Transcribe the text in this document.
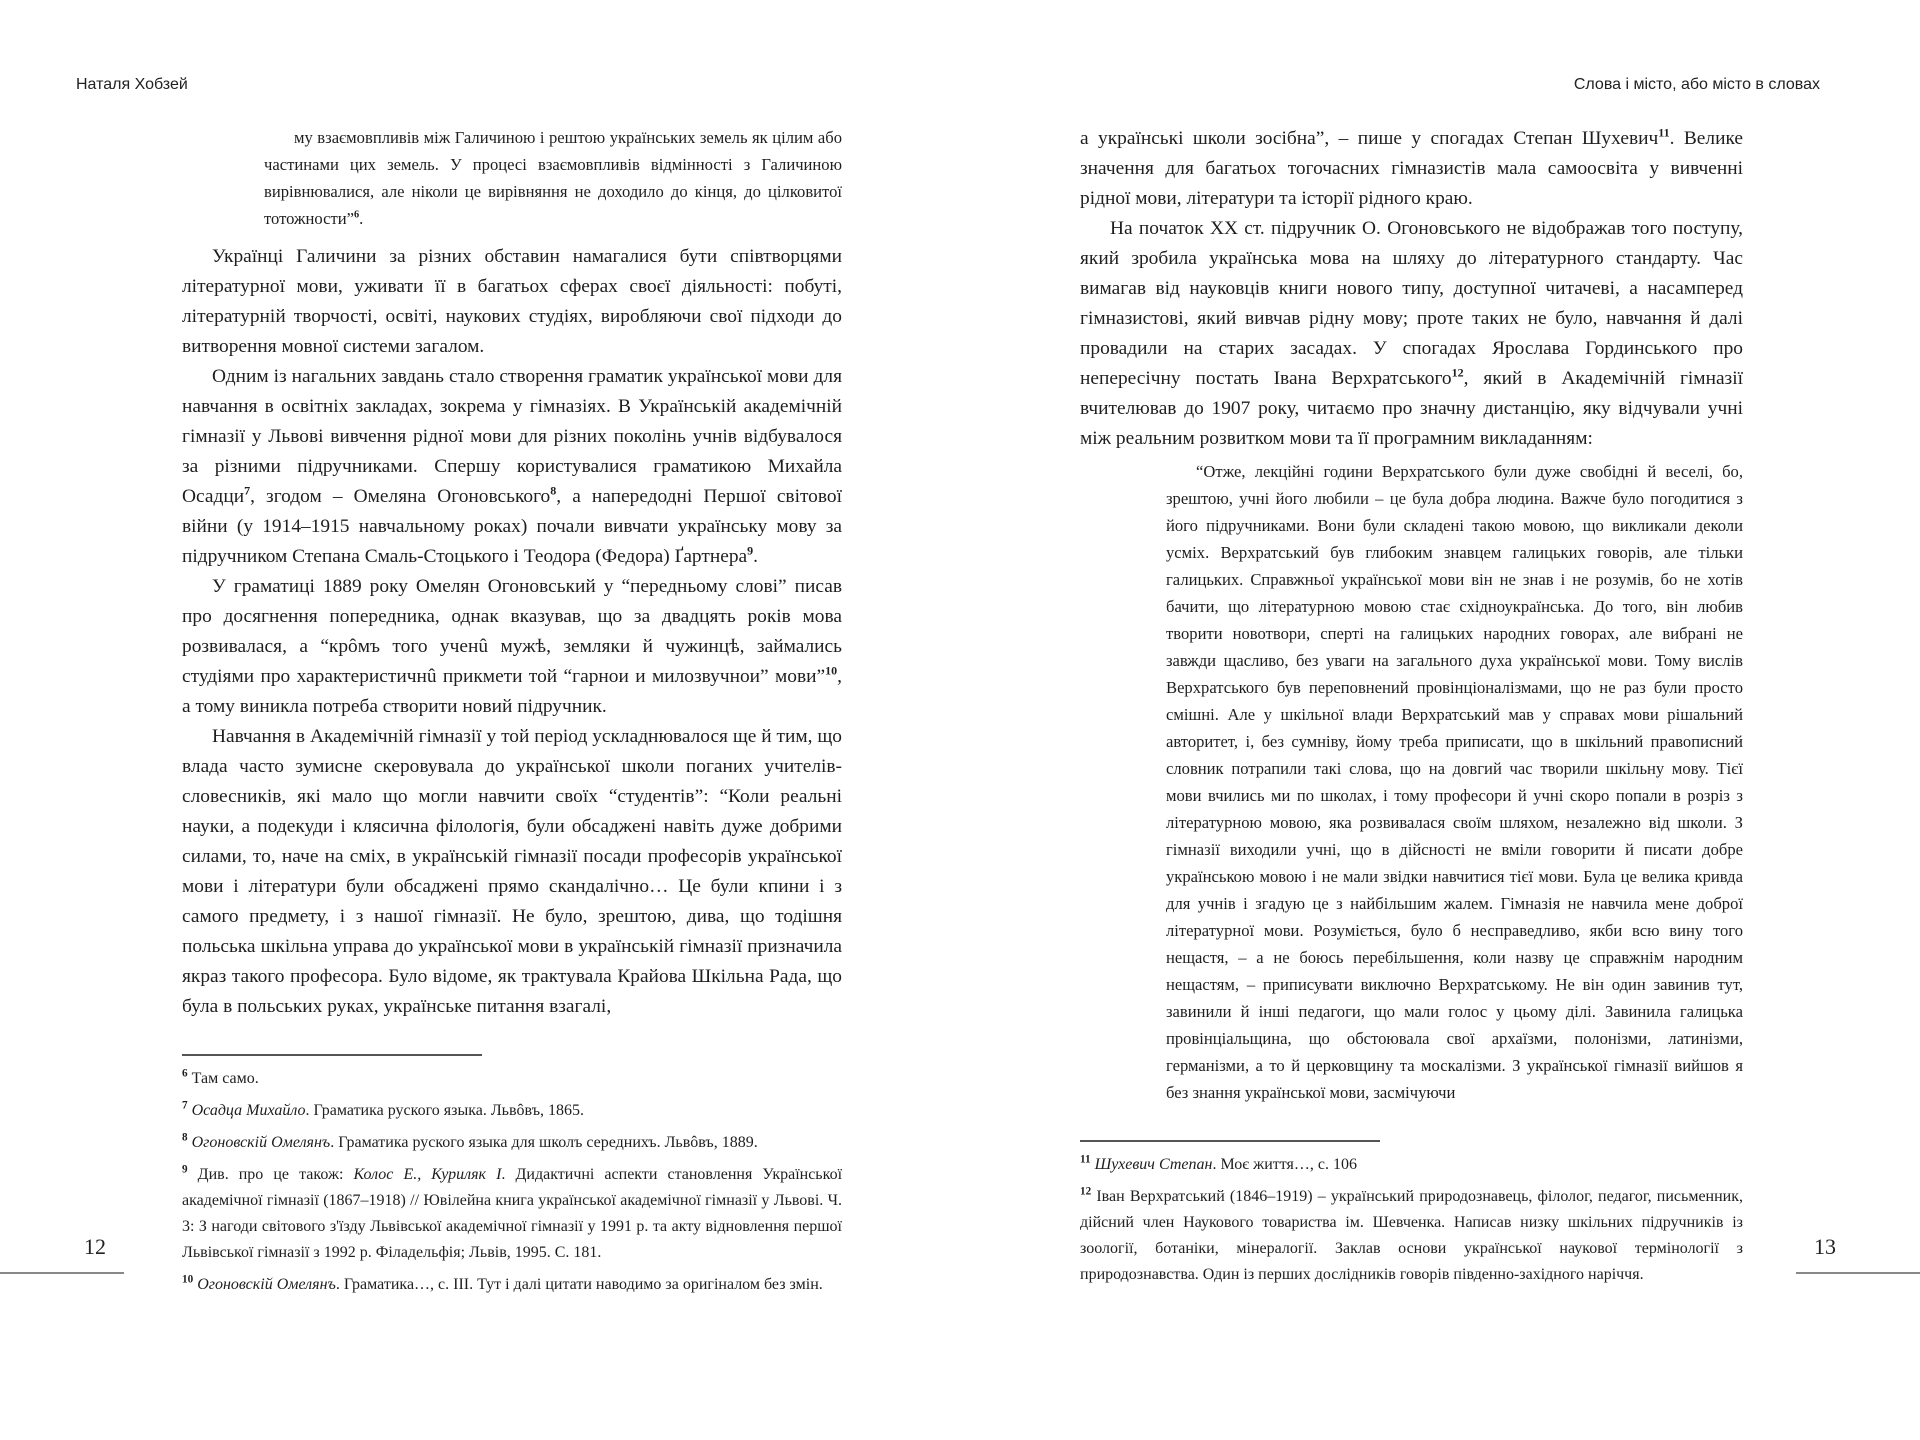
Наталя Хобзей

му взаємовпливів між Галичиною і рештою українських земель як цілим або частинами цих земель. У процесі взаємовпливів відмінності з Галичиною вирівнювалися, але ніколи це вирівняння не доходило до кінця, до цілковитої тотожности”$^6$.

Українці Галичини за різних обставин намагалися бути співтворцями літературної мови, уживати її в багатьох сферах своєї діяльності: побуті, літературній творчості, освіті, наукових студіях, виробляючи свої підходи до витворення мовної системи загалом.

Одним із нагальних завдань стало створення граматик української мови для навчання в освітніх закладах, зокрема у гімназіях. В Українській академічній гімназії у Львові вивчення рідної мови для різних поколінь учнів відбувалося за різними підручниками. Спершу користувалися граматикою Михайла Осадци$^7$, згодом – Омеляна Огоновського$^8$, а напередодні Першої світової війни (у 1914–1915 навчальному роках) почали вивчати українську мову за підручником Степана Смаль-Стоцького і Теодора (Федора) Ґартнера$^9$.

У граматиці 1889 року Омелян Огоновський у “передньому слові” писав про досягнення попередника, однак вказував, що за двадцять років мова розвивалася, а “крôмъ того ученû мужѣ, земляки й чужинцѣ, займались студіями про характеристичнû прикмети той “гарнои и милозвучнои” мови”$^{10}$, а тому виникла потреба створити новий підручник.

Навчання в Академічній гімназії у той період ускладнювалося ще й тим, що влада часто зумисне скеровувала до української школи поганих учителів-словесників, які мало що могли навчити своїх “студентів”: “Коли реальні науки, а подекуди і клясична філологія, були обсаджені навіть дуже добрими силами, то, наче на сміх, в українській гімназії посади професорів української мови і літератури були обсаджені прямо скандалічно… Це були кпини і з самого предмету, і з нашої гімназії. Не було, зрештою, дива, що тодішня польська шкільна управа до української мови в українській гімназії призначила якраз такого професора. Було відоме, як трактувала Крайова Шкільна Рада, що була в польських руках, українське питання взагалі,

$^6$ Там само.

$^7$ Осадца Михайло. Граматика руского языка. Львôвъ, 1865.

$^8$ Огоновскій Омелянъ. Граматика руского языка для школъ середнихъ. Львôвъ, 1889.

$^9$ Див. про це також: Колос Е., Куриляк І. Дидактичні аспекти становлення Української академічної гімназії (1867–1918) // Ювілейна книга української академічної гімназії у Львові. Ч. 3: З нагоди світового з'їзду Львівської академічної гімназії у 1991 р. та акту відновлення першої Львівської гімназії з 1992 р. Філадельфія; Львів, 1995. С. 181.

$^{10}$ Огоновскій Омелянъ. Граматика…, с. ІІІ. Тут і далі цитати наводимо за оригіналом без змін.

12
Слова і місто, або місто в словах

а українські школи зосібна”, – пише у спогадах Степан Шухевич$^{11}$. Велике значення для багатьох тогочасних гімназистів мала самоосвіта у вивченні рідної мови, літератури та історії рідного краю.

На початок ХХ ст. підручник О. Огоновського не відображав того поступу, який зробила українська мова на шляху до літературного стандарту. Час вимагав від науковців книги нового типу, доступної читачеві, а насамперед гімназистові, який вивчав рідну мову; проте таких не було, навчання й далі провадили на старих засадах. У спогадах Ярослава Гординського про непересічну постать Івана Верхратського$^{12}$, який в Академічній гімназії вчителював до 1907 року, читаємо про значну дистанцію, яку відчували учні між реальним розвитком мови та її програмним викладанням:

“Отже, лекційні години Верхратського були дуже свобідні й веселі, бо, зрештою, учні його любили – це була добра людина. Важче було погодитися з його підручниками. Вони були складені такою мовою, що викликали деколи усміх. Верхратський був глибоким знавцем галицьких говорів, але тільки галицьких. Справжньої української мови він не знав і не розумів, бо не хотів бачити, що літературною мовою стає східноукраїнська. До того, він любив творити новотвори, сперті на галицьких народних говорах, але вибрані не завжди щасливо, без уваги на загального духа української мови. Тому вислів Верхратського був переповнений провінціоналізмами, що не раз були просто смішні. Але у шкільної влади Верхратський мав у справах мови рішальний авторитет, і, без сумніву, йому треба приписати, що в шкільний правописний словник потрапили такі слова, що на довгий час творили шкільну мову. Тієї мови вчились ми по школах, і тому професори й учні скоро попали в розріз з літературною мовою, яка розвивалася своїм шляхом, незалежно від школи. З гімназії виходили учні, що в дійсності не вміли говорити й писати добре українською мовою і не мали звідки навчитися тієї мови. Була це велика кривда для учнів і згадую це з найбільшим жалем. Гімназія не навчила мене доброї літературної мови. Розуміється, було б несправедливо, якби всю вину того нещастя, – а не боюсь перебільшення, коли назву це справжнім народним нещастям, – приписувати виключно Верхратському. Не він один завинив тут, завинили й інші педагоги, що мали голос у цьому ділі. Завинила галицька провінціальщина, що обстоювала свої архаїзми, полонізми, латинізми, германізми, а то й церковщину та москалізми. З української гімназії вийшов я без знання української мови, засмічуючи

$^{11}$ Шухевич Степан. Моє життя…, с. 106

$^{12}$ Іван Верхратський (1846–1919) – український природознавець, філолог, педагог, письменник, дійсний член Наукового товариства ім. Шевченка. Написав низку шкільних підручників із зоології, ботаніки, мінералогії. Заклав основи української наукової термінології з природознавства. Один із перших дослідників говорів південно-західного наріччя.

13
